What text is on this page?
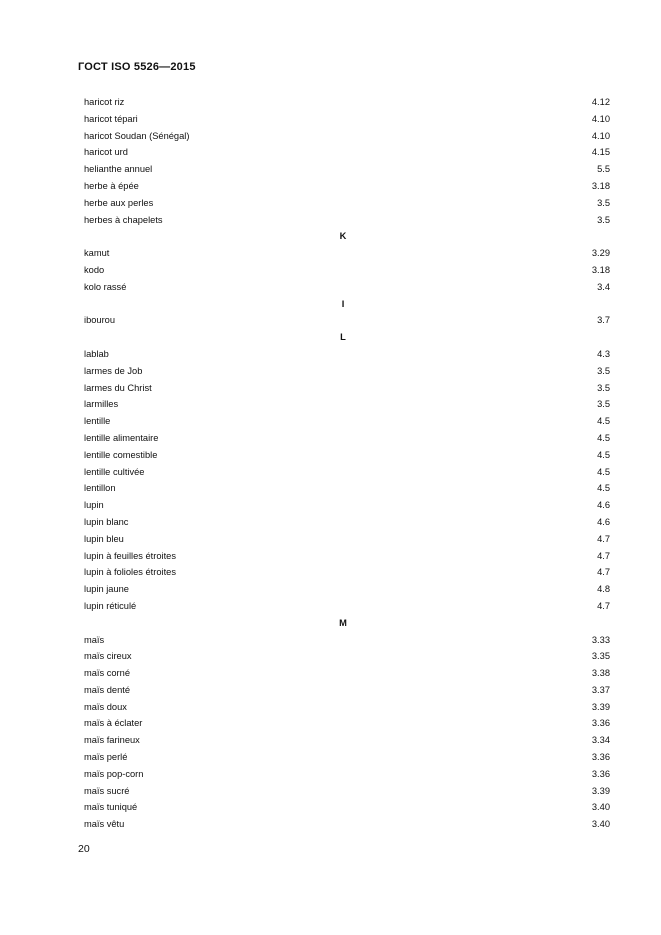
ГОСТ ISO 5526—2015
haricot riz	4.12
haricot tépari	4.10
haricot Soudan (Sénégal)	4.10
haricot urd	4.15
helianthe annuel	5.5
herbe à épée	3.18
herbe aux perles	3.5
herbes à chapelets	3.5
K
kamut	3.29
kodo	3.18
kolo rassé	3.4
I
ibourou	3.7
L
lablab	4.3
larmes de Job	3.5
larmes du Christ	3.5
larmilles	3.5
lentille	4.5
lentille alimentaire	4.5
lentille comestible	4.5
lentille cultivée	4.5
lentillon	4.5
lupin	4.6
lupin blanc	4.6
lupin bleu	4.7
lupin à feuilles étroites	4.7
lupin à folioles étroites	4.7
lupin jaune	4.8
lupin réticulé	4.7
M
maïs	3.33
maïs cireux	3.35
maïs corné	3.38
maïs denté	3.37
maïs doux	3.39
maïs à éclater	3.36
maïs farineux	3.34
maïs perlé	3.36
maïs pop-corn	3.36
maïs sucré	3.39
maïs tuniqué	3.40
maïs vêtu	3.40
20
